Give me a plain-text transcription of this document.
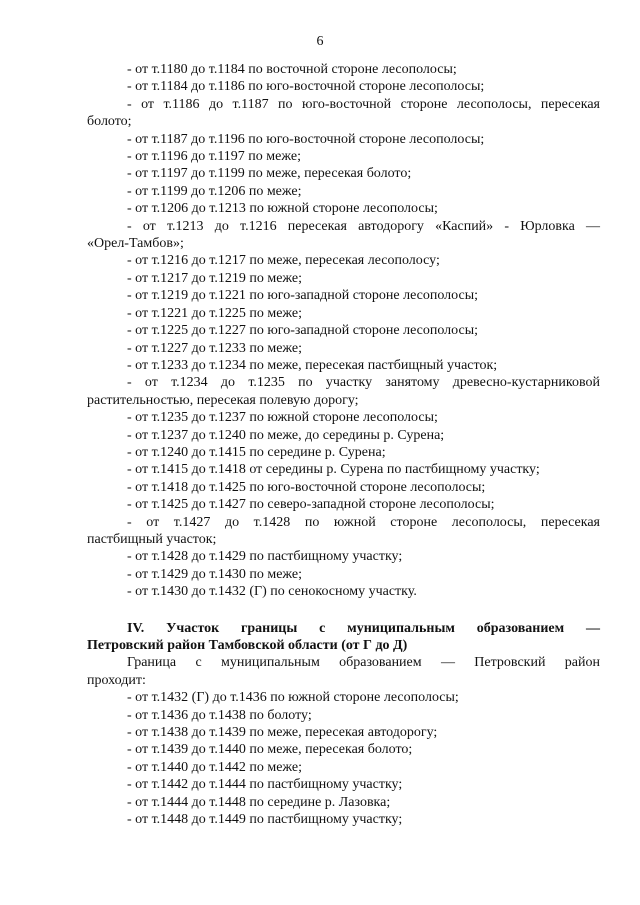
6

- от т.1180 до т.1184 по восточной стороне лесополосы;

- от т.1184 до т.1186 по юго-восточной стороне лесополосы;

- от т.1186 до т.1187 по юго-восточной стороне лесополосы, пересекая

болото;

- от т.1187 до т.1196 по юго-восточной стороне лесополосы;

- от т.1196 до т.1197 по меже;

- от т.1197 до т.1199 по меже, пересекая болото;

- от т.1199 до т.1206 по меже;

- от т.1206 до т.1213 по южной стороне лесополосы;

- от т.1213 до т.1216 пересекая автодорогу «Каспий» - Юрловка —

«Орел-Тамбов»;

- от т.1216 до т.1217 по меже, пересекая лесополосу;

- от т.1217 до т.1219 по меже;

- от т.1219 до т.1221 по юго-западной стороне лесополосы;

- от т.1221 до т.1225 по меже;

- от т.1225 до т.1227 по юго-западной стороне лесополосы;

- от т.1227 до т.1233 по меже;

- от т.1233 до т.1234 по меже, пересекая пастбищный участок;

- от т.1234 до т.1235 по участку занятому древесно-кустарниковой

растительностью, пересекая полевую дорогу;

- от т.1235 до т.1237 по южной стороне лесополосы;

- от т.1237 до т.1240 по меже, до середины р. Сурена;

- от т.1240 до т.1415 по середине р. Сурена;

- от т.1415 до т.1418 от середины р. Сурена по пастбищному участку;

- от т.1418 до т.1425 по юго-восточной стороне лесополосы;

- от т.1425 до т.1427 по северо-западной стороне лесополосы;

- от т.1427 до т.1428 по южной стороне лесополосы, пересекая

пастбищный участок;

- от т.1428 до т.1429 по пастбищному участку;

- от т.1429 до т.1430 по меже;

- от т.1430 до т.1432 (Г) по сенокосному участку.

IV. Участок границы с муниципальным образованием —

Петровский район Тамбовской области (от Г до Д)

Граница с муниципальным образованием — Петровский район

проходит:

- от т.1432 (Г) до т.1436 по южной стороне лесополосы;

- от т.1436 до т.1438 по болоту;

- от т.1438 до т.1439 по меже, пересекая автодорогу;

- от т.1439 до т.1440 по меже, пересекая болото;

- от т.1440 до т.1442 по меже;

- от т.1442 до т.1444 по пастбищному участку;

- от т.1444 до т.1448 по середине р. Лазовка;

- от т.1448 до т.1449 по пастбищному участку;
